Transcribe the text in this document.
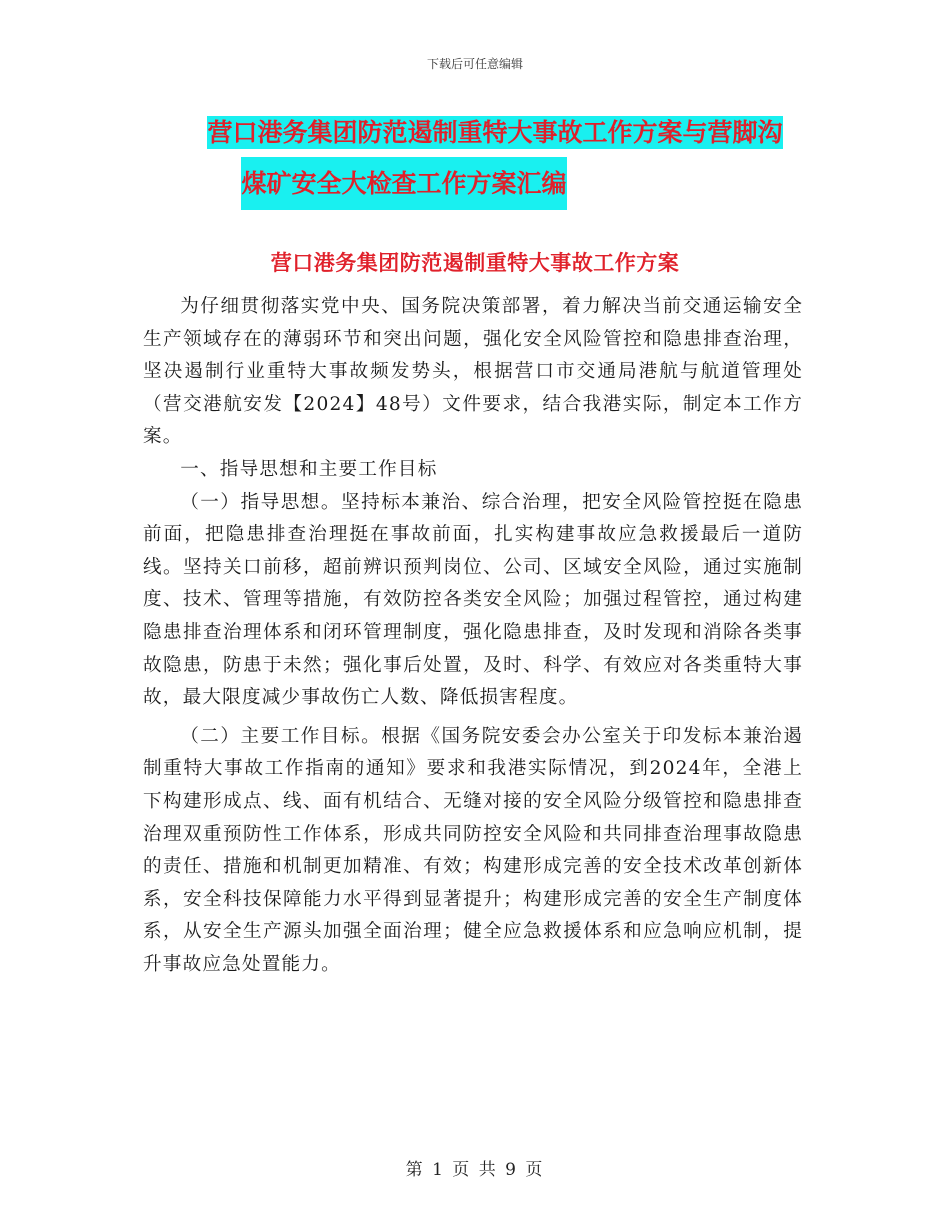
下载后可任意编辑
营口港务集团防范遏制重特大事故工作方案与营脚沟
煤矿安全大检查工作方案汇编
营口港务集团防范遏制重特大事故工作方案

为仔细贯彻落实党中央、国务院决策部署，着力解决当前交通运输安全生产领域存在的薄弱环节和突出问题，强化安全风险管控和隐患排查治理，坚决遏制行业重特大事故频发势头，根据营口市交通局港航与航道管理处（营交港航安发【2024】48号）文件要求，结合我港实际，制定本工作方案。

一、指导思想和主要工作目标

（一）指导思想。坚持标本兼治、综合治理，把安全风险管控挺在隐患前面，把隐患排查治理挺在事故前面，扎实构建事故应急救援最后一道防线。坚持关口前移，超前辨识预判岗位、公司、区域安全风险，通过实施制度、技术、管理等措施，有效防控各类安全风险；加强过程管控，通过构建隐患排查治理体系和闭环管理制度，强化隐患排查，及时发现和消除各类事故隐患，防患于未然；强化事后处置，及时、科学、有效应对各类重特大事故，最大限度减少事故伤亡人数、降低损害程度。

（二）主要工作目标。根据《国务院安委会办公室关于印发标本兼治遏制重特大事故工作指南的通知》要求和我港实际情况，到2024年，全港上下构建形成点、线、面有机结合、无缝对接的安全风险分级管控和隐患排查治理双重预防性工作体系，形成共同防控安全风险和共同排查治理事故隐患的责任、措施和机制更加精准、有效；构建形成完善的安全技术改革创新体系，安全科技保障能力水平得到显著提升；构建形成完善的安全生产制度体系，从安全生产源头加强全面治理；健全应急救援体系和应急响应机制，提升事故应急处置能力。

第 1 页 共 9 页
